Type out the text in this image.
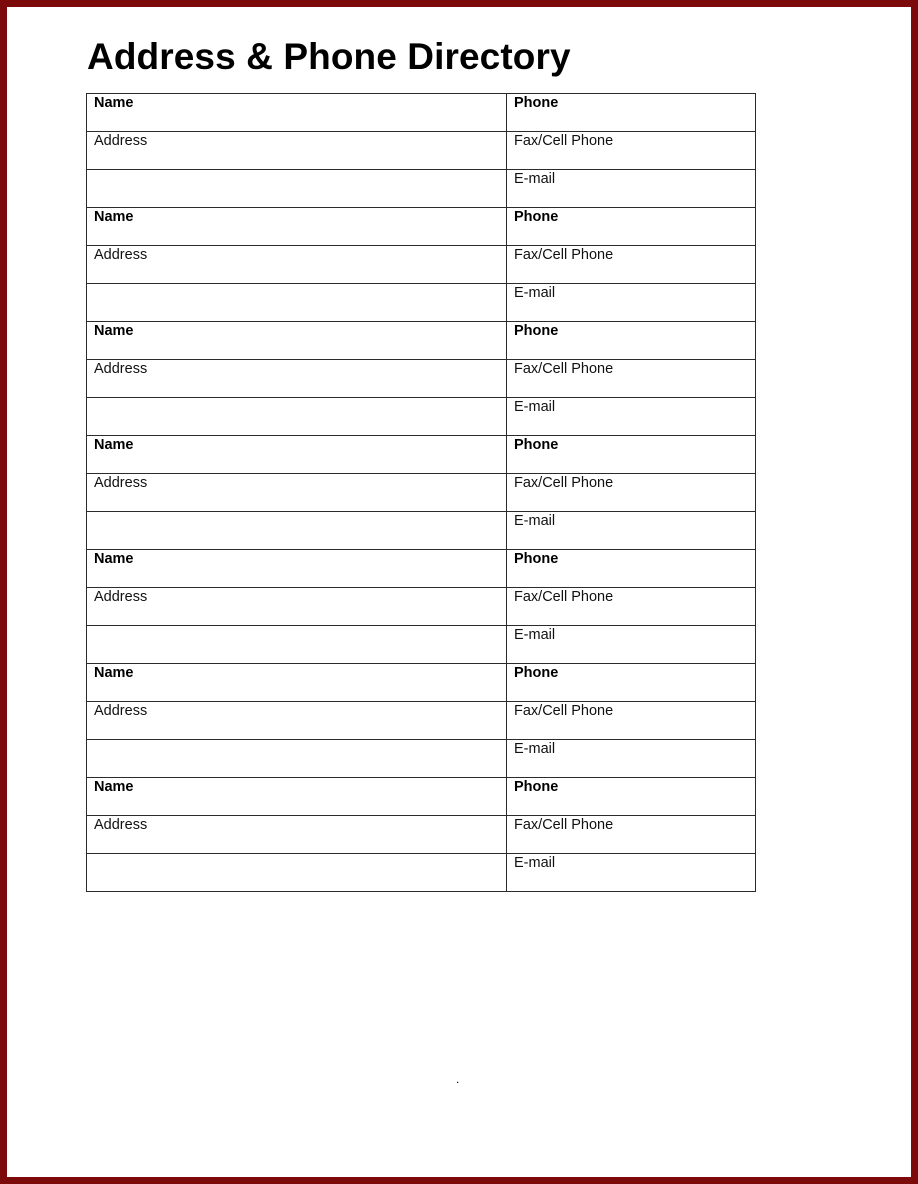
Address & Phone Directory
Name	Phone

Address	Fax/Cell Phone

	E-mail

Name	Phone

Address	Fax/Cell Phone

	E-mail

Name	Phone

Address	Fax/Cell Phone

	E-mail

Name	Phone

Address	Fax/Cell Phone

	E-mail

Name	Phone

Address	Fax/Cell Phone

	E-mail

Name	Phone

Address	Fax/Cell Phone

	E-mail

Name	Phone

Address	Fax/Cell Phone

	E-mail
.
